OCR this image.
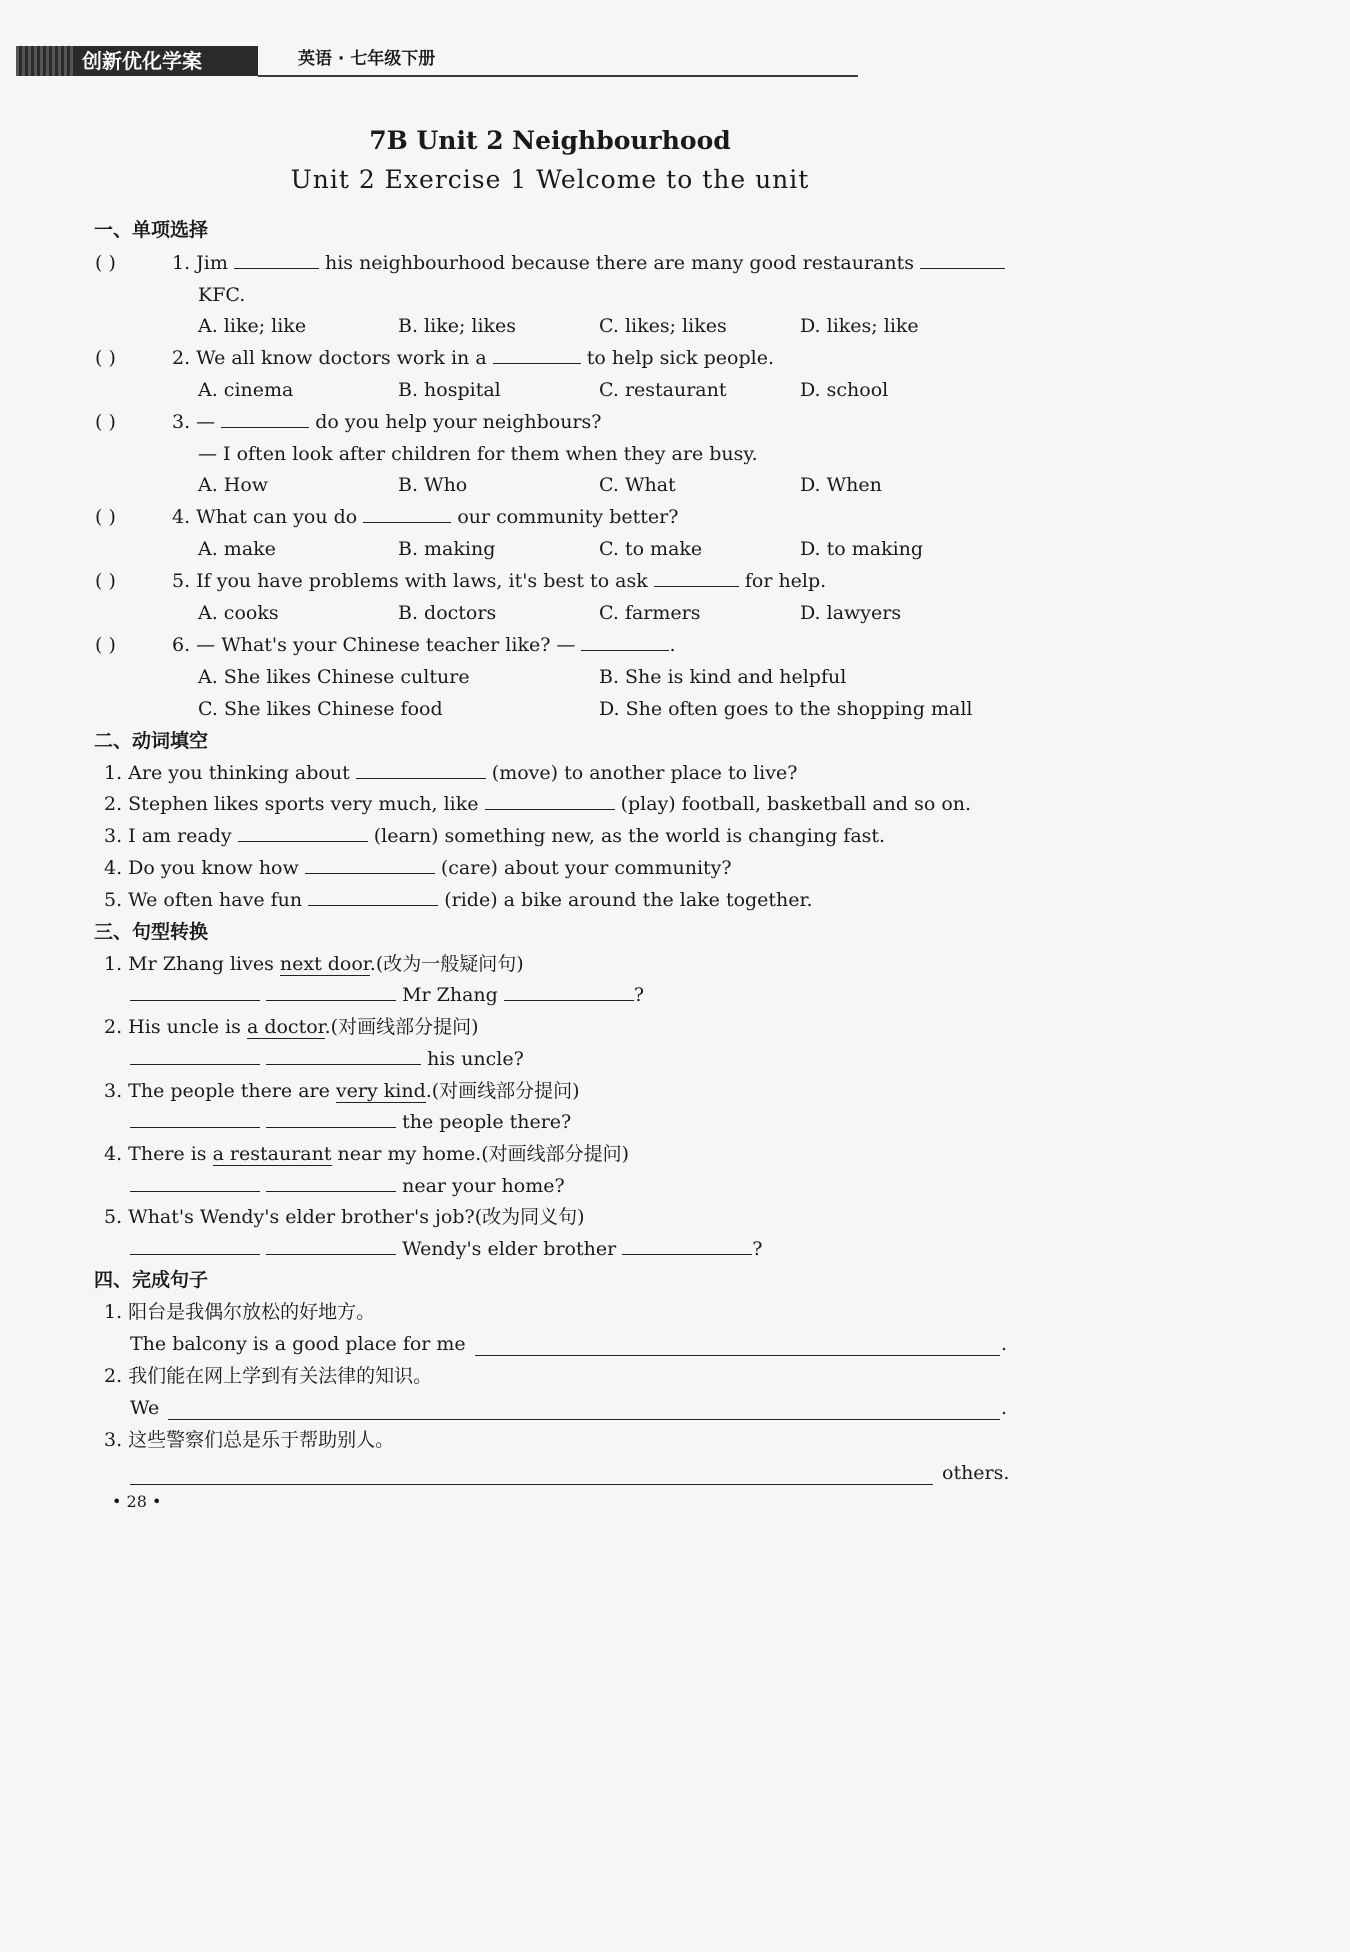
创新优化学案	英语 · 七年级下册
7B Unit 2 Neighbourhood
Unit 2 Exercise 1 Welcome to the unit
一、单项选择
( )	1. Jim	his neighbourhood because there are many good restaurants
KFC.
A. like; like	B. like; likes	C. likes; likes	D. likes; like
( )	2. We all know doctors work in a	to help sick people.
A. cinema	B. hospital	C. restaurant	D. school
( )	3. —	do you help your neighbours?
— I often look after children for them when they are busy.
A. How	B. Who	C. What	D. When
( )	4. What can you do	our community better?
A. make	B. making	C. to make	D. to making
( )	5. If you have problems with laws, it's best to ask	for help.
A. cooks	B. doctors	C. farmers	D. lawyers
( )	6. — What's your Chinese teacher like? —	.
A. She likes Chinese culture	B. She is kind and helpful
C. She likes Chinese food	D. She often goes to the shopping mall
二、动词填空
1. Are you thinking about	(move) to another place to live?
2. Stephen likes sports very much, like	(play) football, basketball and so on.
3. I am ready	(learn) something new, as the world is changing fast.
4. Do you know how	(care) about your community?
5. We often have fun	(ride) a bike around the lake together.
三、句型转换
1. Mr Zhang lives next door.(改为一般疑问句)
Mr Zhang	?
2. His uncle is a doctor.(对画线部分提问)
his uncle?
3. The people there are very kind.(对画线部分提问)
the people there?
4. There is a restaurant near my home.(对画线部分提问)
near your home?
5. What's Wendy's elder brother's job?(改为同义句)
Wendy's elder brother	?
四、完成句子
1. 阳台是我偶尔放松的好地方。
The balcony is a good place for me	.
2. 我们能在网上学到有关法律的知识。
We	.
3. 这些警察们总是乐于帮助别人。
others.
• 28 •
